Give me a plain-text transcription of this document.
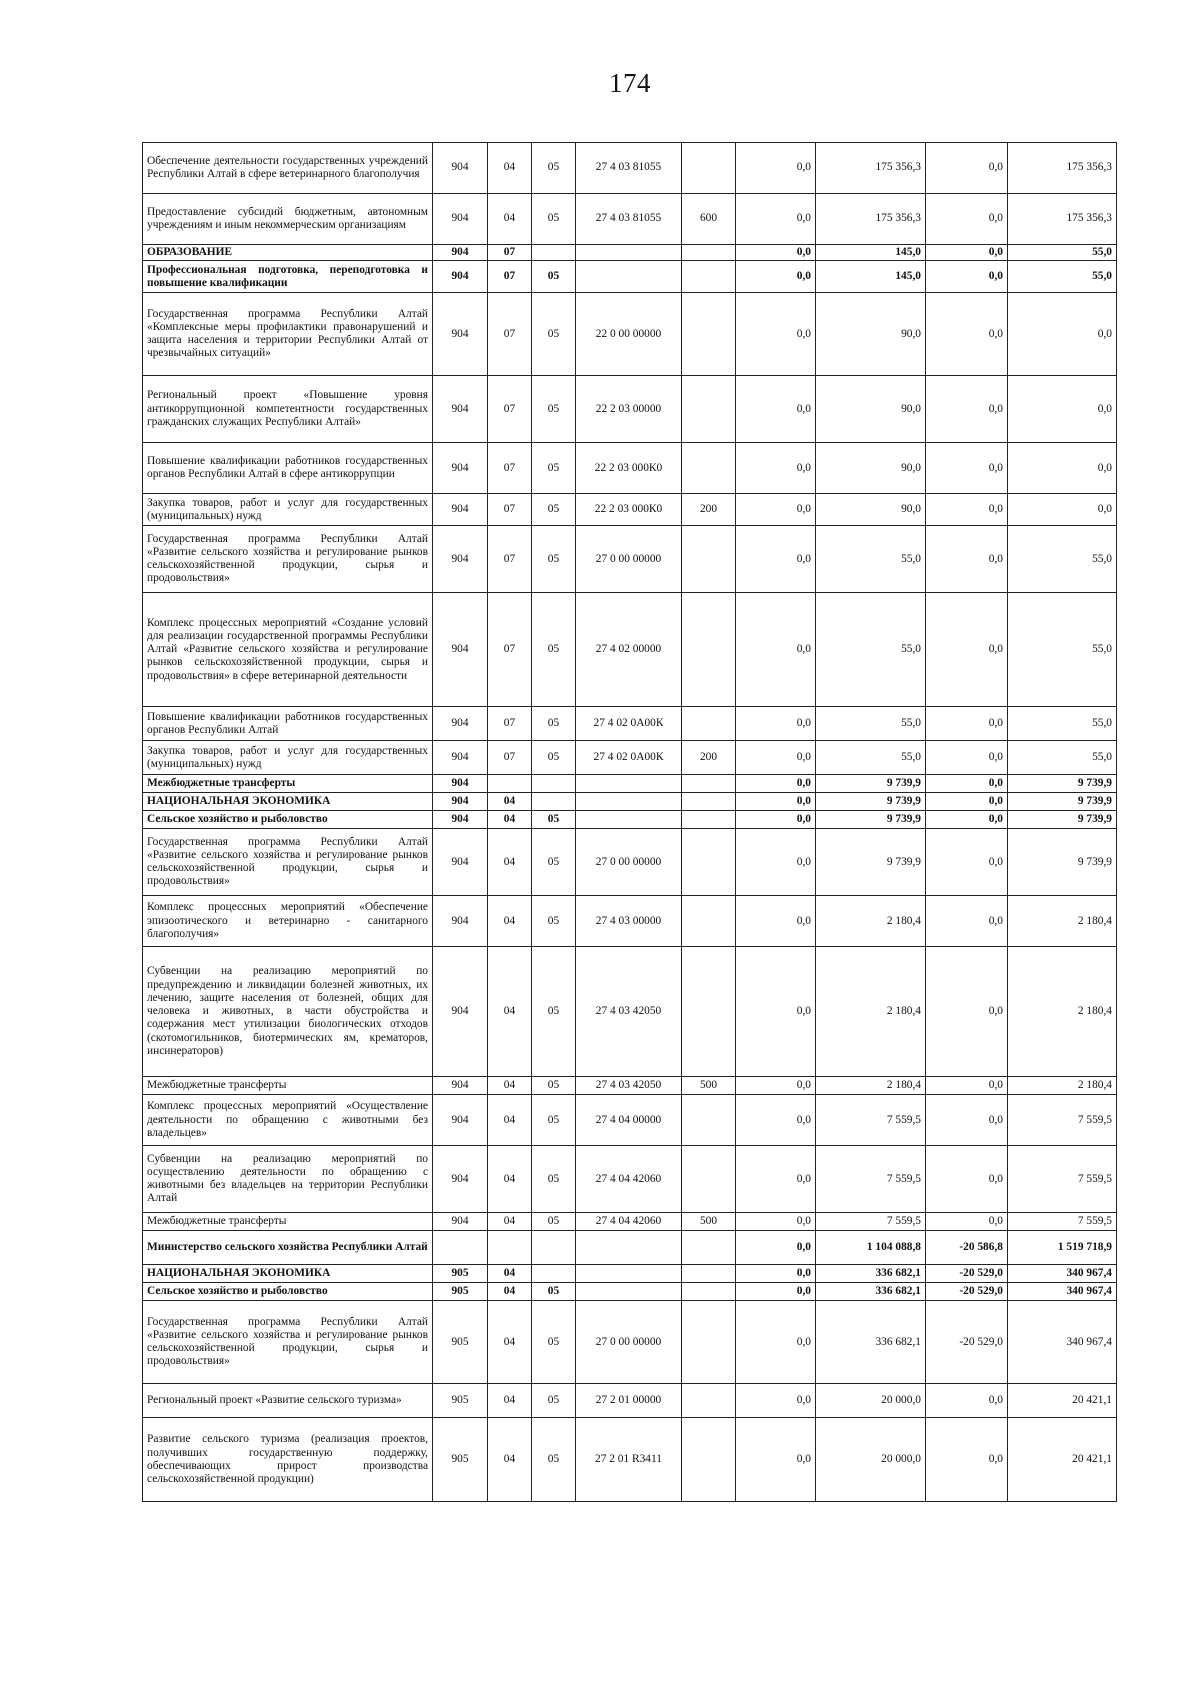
174
Обеспечение деятельности государственных учреждений Республики Алтай в сфере ветеринарного благополучия	904	04	05	27 4 03 81055		0,0	175 356,3	0,0	175 356,3
Предоставление субсидий бюджетным, автономным учреждениям и иным некоммерческим организациям	904	04	05	27 4 03 81055	600	0,0	175 356,3	0,0	175 356,3
ОБРАЗОВАНИЕ	904	07				0,0	145,0	0,0	55,0
Профессиональная подготовка, переподготовка и повышение квалификации	904	07	05			0,0	145,0	0,0	55,0
Государственная программа Республики Алтай «Комплексные меры профилактики правонарушений и защита населения и территории Республики Алтай от чрезвычайных ситуаций»	904	07	05	22 0 00 00000		0,0	90,0	0,0	0,0
Региональный проект «Повышение уровня антикоррупционной компетентности государственных гражданских служащих Республики Алтай»	904	07	05	22 2 03 00000		0,0	90,0	0,0	0,0
Повышение квалификации работников государственных органов Республики Алтай в сфере антикоррупции	904	07	05	22 2 03 000К0		0,0	90,0	0,0	0,0
Закупка товаров, работ и услуг для государственных (муниципальных) нужд	904	07	05	22 2 03 000К0	200	0,0	90,0	0,0	0,0
Государственная программа Республики Алтай «Развитие сельского хозяйства и регулирование рынков сельскохозяйственной продукции, сырья и продовольствия»	904	07	05	27 0 00 00000		0,0	55,0	0,0	55,0
Комплекс процессных мероприятий «Создание условий для реализации государственной программы Республики Алтай «Развитие сельского хозяйства и регулирование рынков сельскохозяйственной продукции, сырья и продовольствия» в сфере ветеринарной деятельности	904	07	05	27 4 02 00000		0,0	55,0	0,0	55,0
Повышение квалификации работников государственных органов Республики Алтай	904	07	05	27 4 02 0А00К		0,0	55,0	0,0	55,0
Закупка товаров, работ и услуг для государственных (муниципальных) нужд	904	07	05	27 4 02 0А00К	200	0,0	55,0	0,0	55,0
Межбюджетные трансферты	904					0,0	9 739,9	0,0	9 739,9
НАЦИОНАЛЬНАЯ ЭКОНОМИКА	904	04				0,0	9 739,9	0,0	9 739,9
Сельское хозяйство и рыболовство	904	04	05			0,0	9 739,9	0,0	9 739,9
Государственная программа Республики Алтай «Развитие сельского хозяйства и регулирование рынков сельскохозяйственной продукции, сырья и продовольствия»	904	04	05	27 0 00 00000		0,0	9 739,9	0,0	9 739,9
Комплекс процессных мероприятий «Обеспечение эпизоотического и ветеринарно - санитарного благополучия»	904	04	05	27 4 03 00000		0,0	2 180,4	0,0	2 180,4
Субвенции на реализацию мероприятий по предупреждению и ликвидации болезней животных, их лечению, защите населения от болезней, общих для человека и животных, в части обустройства и содержания мест утилизации биологических отходов (скотомогильников, биотермических ям, крематоров, инсинераторов)	904	04	05	27 4 03 42050		0,0	2 180,4	0,0	2 180,4
Межбюджетные трансферты	904	04	05	27 4 03 42050	500	0,0	2 180,4	0,0	2 180,4
Комплекс процессных мероприятий «Осуществление деятельности по обращению с животными без владельцев»	904	04	05	27 4 04 00000		0,0	7 559,5	0,0	7 559,5
Субвенции на реализацию мероприятий по осуществлению деятельности по обращению с животными без владельцев на территории Республики Алтай	904	04	05	27 4 04 42060		0,0	7 559,5	0,0	7 559,5
Межбюджетные трансферты	904	04	05	27 4 04 42060	500	0,0	7 559,5	0,0	7 559,5
Министерство сельского хозяйства Республики Алтай						0,0	1 104 088,8	-20 586,8	1 519 718,9
НАЦИОНАЛЬНАЯ ЭКОНОМИКА	905	04				0,0	336 682,1	-20 529,0	340 967,4
Сельское хозяйство и рыболовство	905	04	05			0,0	336 682,1	-20 529,0	340 967,4
Государственная программа Республики Алтай «Развитие сельского хозяйства и регулирование рынков сельскохозяйственной продукции, сырья и продовольствия»	905	04	05	27 0 00 00000		0,0	336 682,1	-20 529,0	340 967,4
Региональный проект «Развитие сельского туризма»	905	04	05	27 2 01 00000		0,0	20 000,0	0,0	20 421,1
Развитие сельского туризма (реализация проектов, получивших государственную поддержку, обеспечивающих прирост производства сельскохозяйственной продукции)	905	04	05	27 2 01 R3411		0,0	20 000,0	0,0	20 421,1
